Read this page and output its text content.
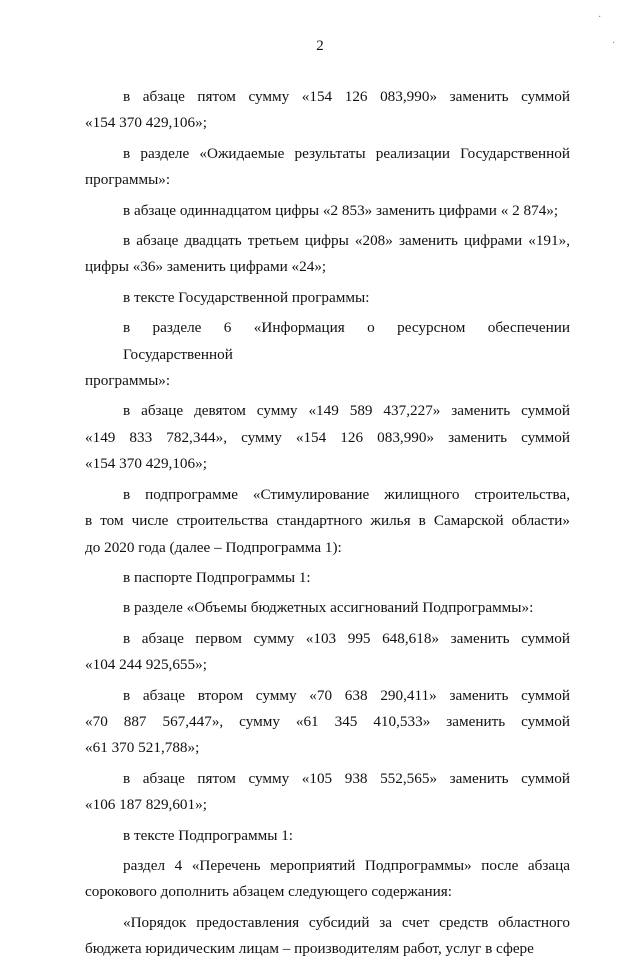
2
в абзаце пятом сумму «154 126 083,990» заменить суммой
«154 370 429,106»;
в разделе «Ожидаемые результаты реализации Государственной
программы»:
в абзаце одиннадцатом цифры «2 853» заменить цифрами « 2 874»;
в абзаце двадцать третьем цифры «208» заменить цифрами «191»,
цифры «36» заменить цифрами «24»;
в тексте Государственной программы:
в разделе 6 «Информация о ресурсном обеспечении Государственной
программы»:
в абзаце девятом сумму «149 589 437,227» заменить суммой
«149 833 782,344», сумму «154 126 083,990» заменить суммой
«154 370 429,106»;
в подпрограмме «Стимулирование жилищного строительства,
в том числе строительства стандартного жилья в Самарской области»
до 2020 года (далее – Подпрограмма 1):
в паспорте Подпрограммы 1:
в разделе «Объемы бюджетных ассигнований Подпрограммы»:
в абзаце первом сумму «103 995 648,618» заменить суммой
«104 244 925,655»;
в абзаце втором сумму «70 638 290,411» заменить суммой
«70 887 567,447», сумму «61 345 410,533» заменить суммой
«61 370 521,788»;
в абзаце пятом сумму «105 938 552,565» заменить суммой
«106 187 829,601»;
в тексте Подпрограммы 1:
раздел 4 «Перечень мероприятий Подпрограммы» после абзаца
сорокового дополнить абзацем следующего содержания:
«Порядок предоставления субсидий за счет средств областного
бюджета юридическим лицам – производителям работ, услуг в сфере
·
·
